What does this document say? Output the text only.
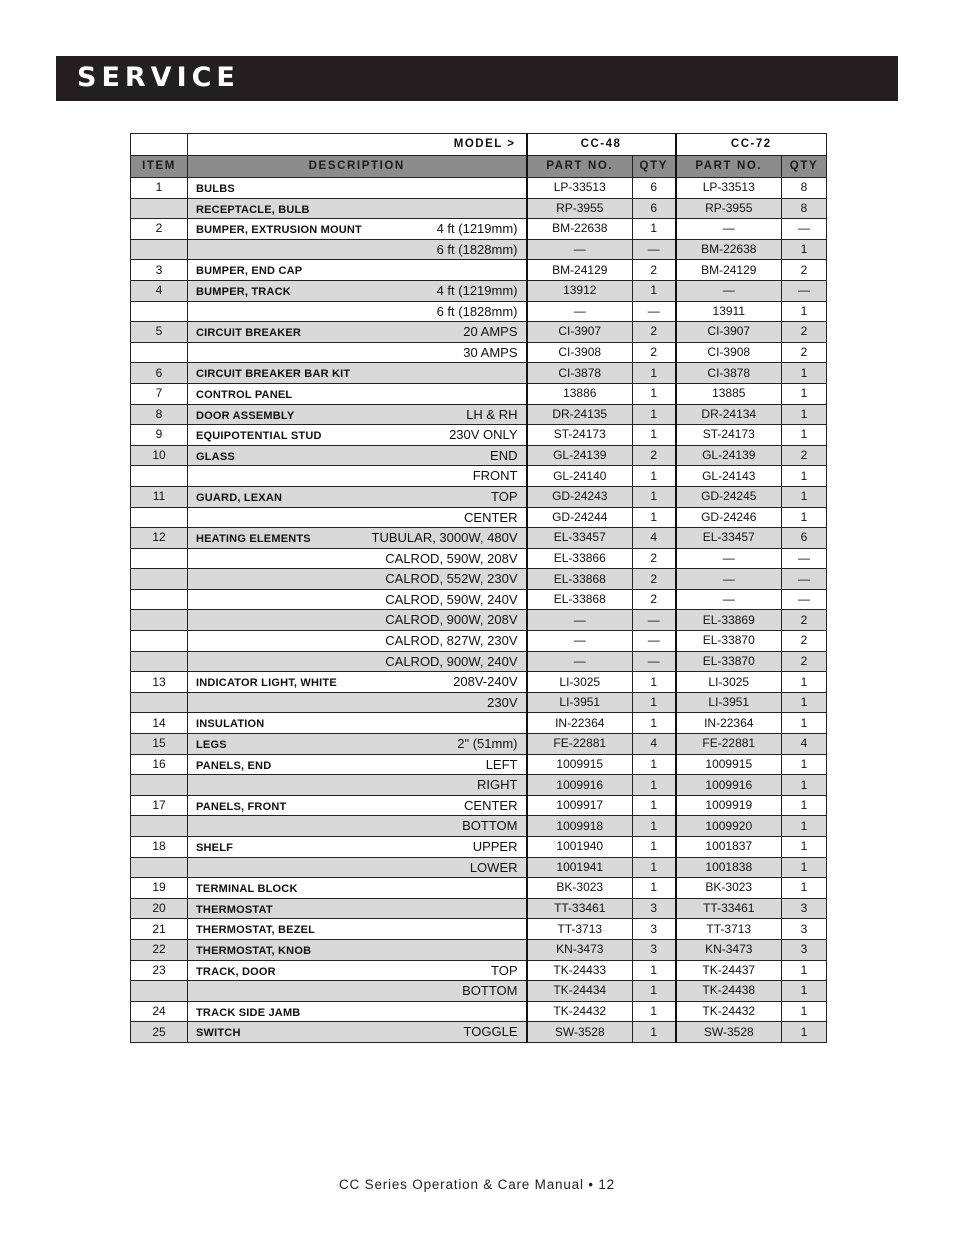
SERVICE
	MODEL >	CC-48		CC-72	
ITEM	DESCRIPTION	PART NO.	QTY	PART NO.	QTY
1	BULBS	LP-33513	6	LP-33513	8

	RECEPTACLE, BULB	RP-3955	6	RP-3955	8
2	BUMPER, EXTRUSION MOUNT 4 ft (1219mm)	BM-22638	1	—	—

	6 ft (1828mm)	—	—	BM-22638	1
3	BUMPER, END CAP	BM-24129	2	BM-24129	2
4	BUMPER, TRACK 4 ft (1219mm)	13912	1	—	—

	6 ft (1828mm)	—	—	13911	1
5	CIRCUIT BREAKER 20 AMPS	CI-3907	2	CI-3907	2

	30 AMPS	CI-3908	2	CI-3908	2
6	CIRCUIT BREAKER BAR KIT	CI-3878	1	CI-3878	1
7	CONTROL PANEL	13886	1	13885	1
8	DOOR ASSEMBLY LH & RH	DR-24135	1	DR-24134	1
9	EQUIPOTENTIAL STUD 230V ONLY	ST-24173	1	ST-24173	1
10	GLASS END	GL-24139	2	GL-24139	2

	FRONT	GL-24140	1	GL-24143	1
11	GUARD, LEXAN TOP	GD-24243	1	GD-24245	1

	CENTER	GD-24244	1	GD-24246	1
12	HEATING ELEMENTS TUBULAR, 3000W, 480V	EL-33457	4	EL-33457	6

	CALROD, 590W, 208V	EL-33866	2	—	—

	CALROD, 552W, 230V	EL-33868	2	—	—

	CALROD, 590W, 240V	EL-33868	2	—	—

	CALROD, 900W, 208V	—	—	EL-33869	2

	CALROD, 827W, 230V	—	—	EL-33870	2

	CALROD, 900W, 240V	—	—	EL-33870	2
13	INDICATOR LIGHT, WHITE 208V-240V	LI-3025	1	LI-3025	1

	230V	LI-3951	1	LI-3951	1
14	INSULATION	IN-22364	1	IN-22364	1
15	LEGS 2" (51mm)	FE-22881	4	FE-22881	4
16	PANELS, END LEFT	1009915	1	1009915	1

	RIGHT	1009916	1	1009916	1
17	PANELS, FRONT CENTER	1009917	1	1009919	1

	BOTTOM	1009918	1	1009920	1
18	SHELF UPPER	1001940	1	1001837	1

	LOWER	1001941	1	1001838	1
19	TERMINAL BLOCK	BK-3023	1	BK-3023	1
20	THERMOSTAT	TT-33461	3	TT-33461	3
21	THERMOSTAT, BEZEL	TT-3713	3	TT-3713	3
22	THERMOSTAT, KNOB	KN-3473	3	KN-3473	3
23	TRACK, DOOR TOP	TK-24433	1	TK-24437	1

	BOTTOM	TK-24434	1	TK-24438	1
24	TRACK SIDE JAMB	TK-24432	1	TK-24432	1
25	SWITCH TOGGLE	SW-3528	1	SW-3528	1
CC Series Operation & Care Manual • 12
